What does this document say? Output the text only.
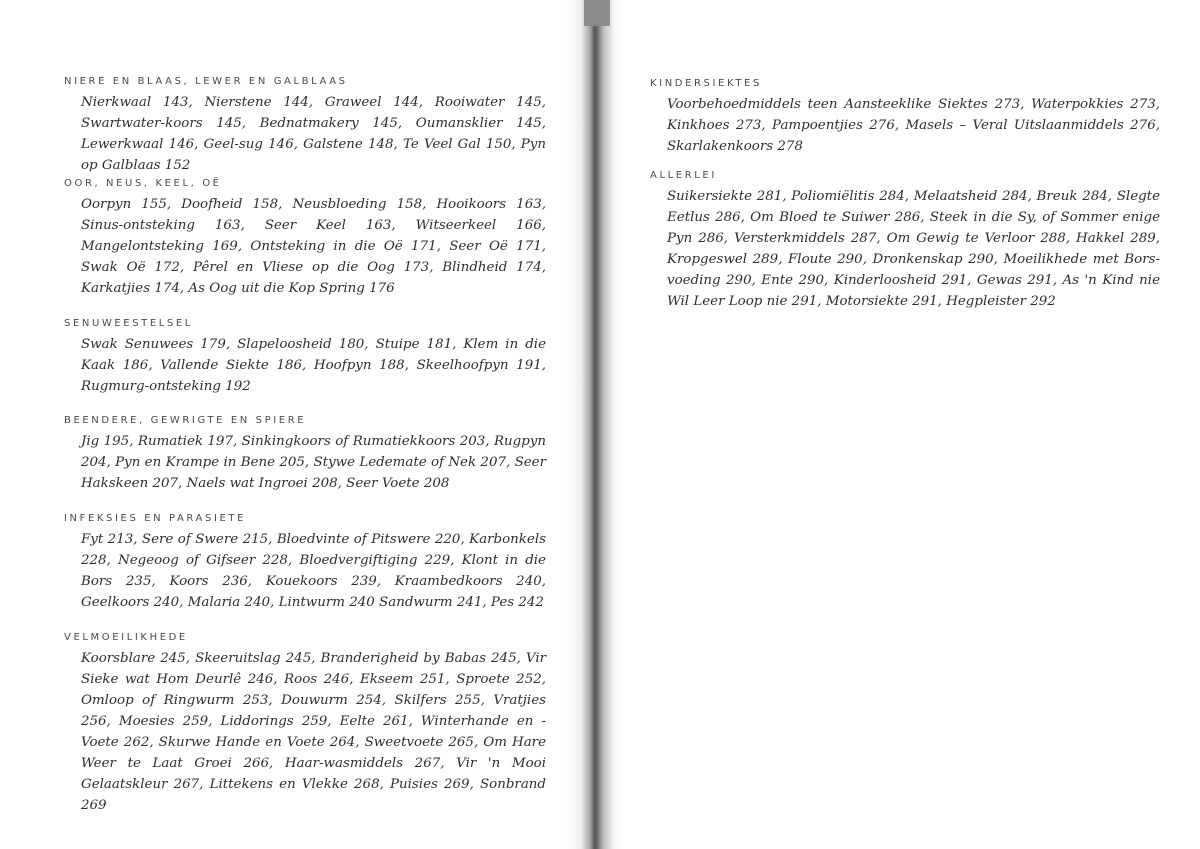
NIERE EN BLAAS, LEWER EN GALBLAAS
Nierkwaal 143, Nierstene 144, Graweel 144, Rooiwater 145, Swartwater-koors 145, Bednatmakery 145, Oumansklier 145, Lewerkwaal 146, Geel-sug 146, Galstene 148, Te Veel Gal 150, Pyn op Galblaas 152
OOR, NEUS, KEEL, OË
Oorpyn 155, Doofheid 158, Neusbloeding 158, Hooikoors 163, Sinus-ontsteking 163, Seer Keel 163, Witseerkeel 166, Mangelontsteking 169, Ontsteking in die Oë 171, Seer Oë 171, Swak Oë 172, Pêrel en Vliese op die Oog 173, Blindheid 174, Karkatjies 174, As Oog uit die Kop Spring 176
SENUWEESTELSEL
Swak Senuwees 179, Slapeloosheid 180, Stuipe 181, Klem in die Kaak 186, Vallende Siekte 186, Hoofpyn 188, Skeelhoofpyn 191, Rugmurg-ontsteking 192
BEENDERE, GEWRIGTE EN SPIERE
Jig 195, Rumatiek 197, Sinkingkoors of Rumatiekkoors 203, Rugpyn 204, Pyn en Krampe in Bene 205, Stywe Ledemate of Nek 207, Seer Hakskeen 207, Naels wat Ingroei 208, Seer Voete 208
INFEKSIES EN PARASIETE
Fyt 213, Sere of Swere 215, Bloedvinte of Pitswere 220, Karbonkels 228, Negeoog of Gifseer 228, Bloedvergiftiging 229, Klont in die Bors 235, Koors 236, Kouekoors 239, Kraambedkoors 240, Geelkoors 240, Malaria 240, Lintwurm 240 Sandwurm 241, Pes 242
VELMOEILIKHEDE
Koorsblare 245, Skeeruitslag 245, Branderigheid by Babas 245, Vir Sieke wat Hom Deurlê 246, Roos 246, Ekseem 251, Sproete 252, Omloop of Ringwurm 253, Douwurm 254, Skilfers 255, Vratjies 256, Moesies 259, Liddorings 259, Eelte 261, Winterhande en -Voete 262, Skurwe Hande en Voete 264, Sweetvoete 265, Om Hare Weer te Laat Groei 266, Haar-wasmiddels 267, Vir 'n Mooi Gelaatskleur 267, Littekens en Vlekke 268, Puisies 269, Sonbrand 269
KINDERSIEKTES
Voorbehoedmiddels teen Aansteeklike Siektes 273, Waterpokkies 273, Kinkhoes 273, Pampoentjies 276, Masels – Veral Uitslaanmiddels 276, Skarlakenkoors 278
ALLERLEI
Suikersiekte 281, Poliomiëlitis 284, Melaatsheid 284, Breuk 284, Slegte Eetlus 286, Om Bloed te Suiwer 286, Steek in die Sy, of Sommer enige Pyn 286, Versterkmiddels 287, Om Gewig te Verloor 288, Hakkel 289, Kropgeswel 289, Floute 290, Dronkenskap 290, Moeilikhede met Bors-voeding 290, Ente 290, Kinderloosheid 291, Gewas 291, As 'n Kind nie Wil Leer Loop nie 291, Motorsiekte 291, Hegpleister 292
